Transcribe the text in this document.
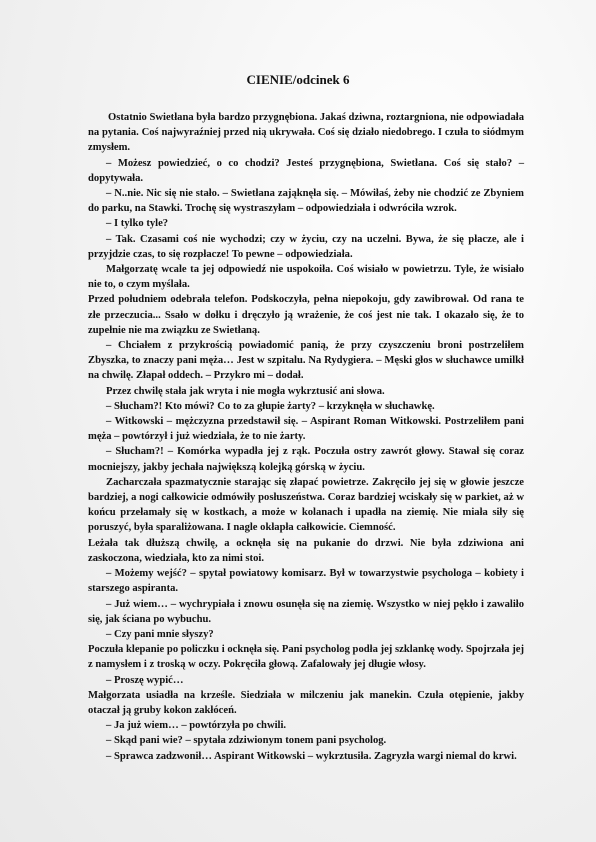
CIENIE/odcinek 6

Ostatnio Swietłana była bardzo przygnębiona. Jakaś dziwna, roztargniona, nie odpowiadała na pytania. Coś najwyraźniej przed nią ukrywała. Coś się działo niedobrego. I czuła to siódmym zmysłem.

– Możesz powiedzieć, o co chodzi? Jesteś przygnębiona, Swietłana. Coś się stało? – dopytywała.

– N..nie. Nic się nie stało. – Swietłana zająknęła się. – Mówiłaś, żeby nie chodzić ze Zbyniem do parku, na Stawki. Trochę się wystraszyłam – odpowiedziała i odwróciła wzrok.

– I tylko tyle?

– Tak. Czasami coś nie wychodzi; czy w życiu, czy na uczelni. Bywa, że się płacze, ale i przyjdzie czas, to się rozpłacze! To pewne – odpowiedziała.

Małgorzatę wcale ta jej odpowiedź nie uspokoiła. Coś wisiało w powietrzu. Tyle, że wisiało nie to, o czym myślała.

Przed południem odebrała telefon. Podskoczyła, pełna niepokoju, gdy zawibrował. Od rana te złe przeczucia... Ssało w dołku i dręczyło ją wrażenie, że coś jest nie tak. I okazało się, że to zupełnie nie ma związku ze Swietłaną.

– Chciałem z przykrością powiadomić panią, że przy czyszczeniu broni postrzeliłem Zbyszka, to znaczy pani męża… Jest w szpitalu. Na Rydygiera. – Męski głos w słuchawce umilkł na chwilę. Złapał oddech. – Przykro mi – dodał.

Przez chwilę stała jak wryta i nie mogła wykrztusić ani słowa.

– Słucham?! Kto mówi? Co to za głupie żarty? – krzyknęła w słuchawkę.

– Witkowski – mężczyzna przedstawił się. – Aspirant Roman Witkowski. Postrzeliłem pani męża – powtórzył i już wiedziała, że to nie żarty.

– Słucham?! – Komórka wypadła jej z rąk. Poczuła ostry zawrót głowy. Stawał się coraz mocniejszy, jakby jechała największą kolejką górską w życiu.

Zacharczała spazmatycznie starając się złapać powietrze. Zakręciło jej się w głowie jeszcze bardziej, a nogi całkowicie odmówiły posłuszeństwa. Coraz bardziej wciskały się w parkiet, aż w końcu przełamały się w kostkach, a może w kolanach i upadła na ziemię. Nie miała siły się poruszyć, była sparaliżowana. I nagle okłapła całkowicie. Ciemność.

Leżała tak dłuższą chwilę, a ocknęła się na pukanie do drzwi. Nie była zdziwiona ani zaskoczona, wiedziała, kto za nimi stoi.

– Możemy wejść? – spytał powiatowy komisarz. Był w towarzystwie psychologa – kobiety i starszego aspiranta.

– Już wiem… – wychrypiała i znowu osunęła się na ziemię. Wszystko w niej pękło i zawaliło się, jak ściana po wybuchu.

– Czy pani mnie słyszy?

Poczuła klepanie po policzku i ocknęła się. Pani psycholog podła jej szklankę wody. Spojrzała jej z namysłem i z troską w oczy. Pokręciła głową. Zafalowały jej długie włosy.

– Proszę wypić…

Małgorzata usiadła na krześle. Siedziała w milczeniu jak manekin. Czuła otępienie, jakby otaczał ją gruby kokon zakłóceń.

– Ja już wiem… – powtórzyła po chwili.

– Skąd pani wie? – spytała zdziwionym tonem pani psycholog.

– Sprawca zadzwonił… Aspirant Witkowski – wykrztusiła. Zagryzła wargi niemal do krwi.
